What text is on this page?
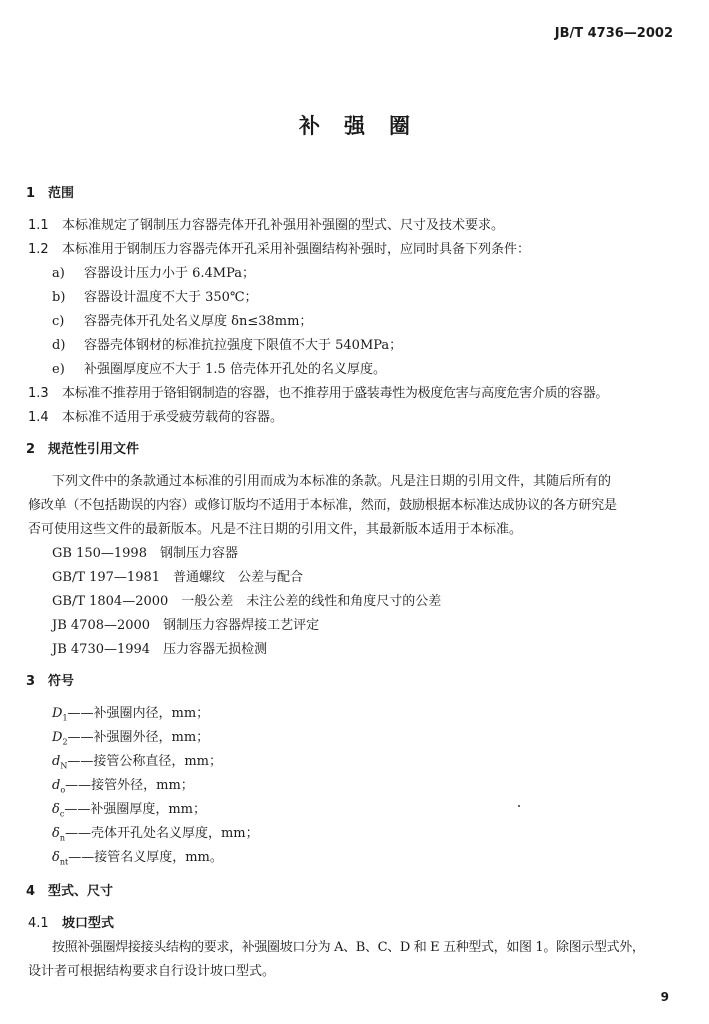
JB/T 4736—2002
补强圈
1 范围
1.1 本标准规定了钢制压力容器壳体开孔补强用补强圈的型式、尺寸及技术要求。
1.2 本标准用于钢制压力容器壳体开孔采用补强圈结构补强时，应同时具备下列条件：
a) 容器设计压力小于 6.4MPa；
b) 容器设计温度不大于 350℃；
c) 容器壳体开孔处名义厚度 δn≤38mm；
d) 容器壳体钢材的标准抗拉强度下限值不大于 540MPa；
e) 补强圈厚度应不大于 1.5 倍壳体开孔处的名义厚度。
1.3 本标准不推荐用于铬钼钢制造的容器，也不推荐用于盛装毒性为极度危害与高度危害介质的容器。
1.4 本标准不适用于承受疲劳载荷的容器。
2 规范性引用文件
下列文件中的条款通过本标准的引用而成为本标准的条款。凡是注日期的引用文件，其随后所有的
修改单（不包括勘误的内容）或修订版均不适用于本标准，然而，鼓励根据本标准达成协议的各方研究是
否可使用这些文件的最新版本。凡是不注日期的引用文件，其最新版本适用于本标准。
GB 150—1998　钢制压力容器
GB/T 197—1981　普通螺纹　公差与配合
GB/T 1804—2000　一般公差　未注公差的线性和角度尺寸的公差
JB 4708—2000　钢制压力容器焊接工艺评定
JB 4730—1994　压力容器无损检测
3 符号
$D_1——$补强圈内径，mm；
$D_2——$补强圈外径，mm；
$d_N——$接管公称直径，mm；
$d_o——$接管外径，mm；
$\delta_c——$补强圈厚度，mm；
$\delta_n——$壳体开孔处名义厚度，mm；
$\delta_{nt}——$接管名义厚度，mm。
4 型式、尺寸
4.1 坡口型式
按照补强圈焊接接头结构的要求，补强圈坡口分为 A、B、C、D 和 E 五种型式，如图 1。除图示型式外，
设计者可根据结构要求自行设计坡口型式。
9
